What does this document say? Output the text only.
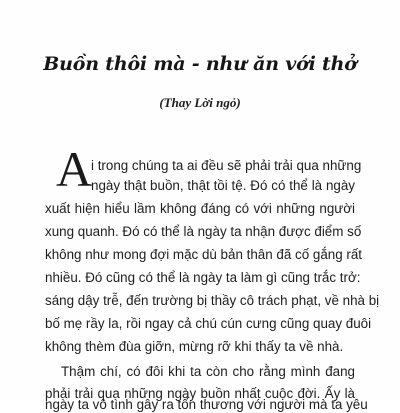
Buồn thôi mà - như ăn với thở
(Thay Lời ngỏ)
A
i trong chúng ta ai đều sẽ phải trải qua những
ngày thật buồn, thật tồi tệ. Đó có thể là ngày
xuất hiện hiểu lầm không đáng có với những người
xung quanh. Đó có thể là ngày ta nhận được điểm số
không như mong đợi mặc dù bản thân đã cố gắng rất
nhiều. Đó cũng có thể là ngày ta làm gì cũng trắc trở:
sáng dậy trễ, đến trường bị thầy cô trách phạt, về nhà bị
bố mẹ rầy la, rồi ngay cả chú cún cưng cũng quay đuôi
không thèm đùa giỡn, mừng rỡ khi thấy ta về nhà.
Thậm chí, có đôi khi ta còn cho rằng mình đang
phải trải qua những ngày buồn nhất cuộc đời. Ấy là
ngày ta vô tình gây ra tổn thương với người mà ta yêu
